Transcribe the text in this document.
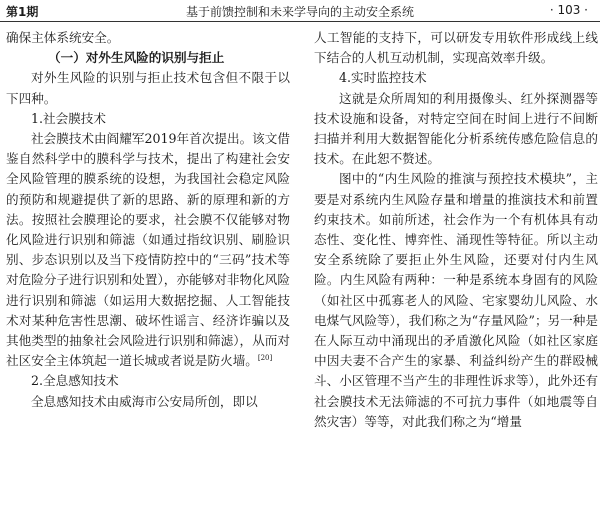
第1期	基于前馈控制和未来学导向的主动安全系统	· 103 ·

确保主体系统安全。

（一）对外生风险的识别与拒止

对外生风险的识别与拒止技术包含但不限于以下四种。

1.社会膜技术

社会膜技术由阎耀军2019年首次提出。该文借鉴自然科学中的膜科学与技术，提出了构建社会安全风险管理的膜系统的设想，为我国社会稳定风险的预防和规避提供了新的思路、新的原理和新的方法。按照社会膜理论的要求，社会膜不仅能够对物化风险进行识别和筛滤（如通过指纹识别、刷脸识别、步态识别以及当下疫情防控中的“三码”技术等对危险分子进行识别和处置），亦能够对非物化风险进行识别和筛滤（如运用大数据挖掘、人工智能技术对某种危害性思潮、破坏性谣言、经济诈骗以及其他类型的抽象社会风险进行识别和筛滤），从而对社区安全主体筑起一道长城或者说是防火墙。[20]

2.全息感知技术

全息感知技术由威海市公安局所创，即以

人工智能的支持下，可以研发专用软件形成线上线下结合的人机互动机制，实现高效率升级。

4.实时监控技术

这就是众所周知的利用摄像头、红外探测器等技术设施和设备，对特定空间在时间上进行不间断扫描并利用大数据智能化分析系统传感危险信息的技术。在此恕不赘述。

图中的“内生风险的推演与预控技术模块”，主要是对系统内生风险存量和增量的推演技术和前置约束技术。如前所述，社会作为一个有机体具有动态性、变化性、博弈性、涌现性等特征。所以主动安全系统除了要拒止外生风险，还要对付内生风险。内生风险有两种：一种是系统本身固有的风险（如社区中孤寡老人的风险、宅家婴幼儿风险、水电煤气风险等），我们称之为“存量风险”；另一种是在人际互动中涌现出的矛盾激化风险（如社区家庭中因夫妻不合产生的家暴、利益纠纷产生的群殴械斗、小区管理不当产生的非理性诉求等），此外还有社会膜技术无法筛滤的不可抗力事件（如地震等自然灾害）等等，对此我们称之为“增量
